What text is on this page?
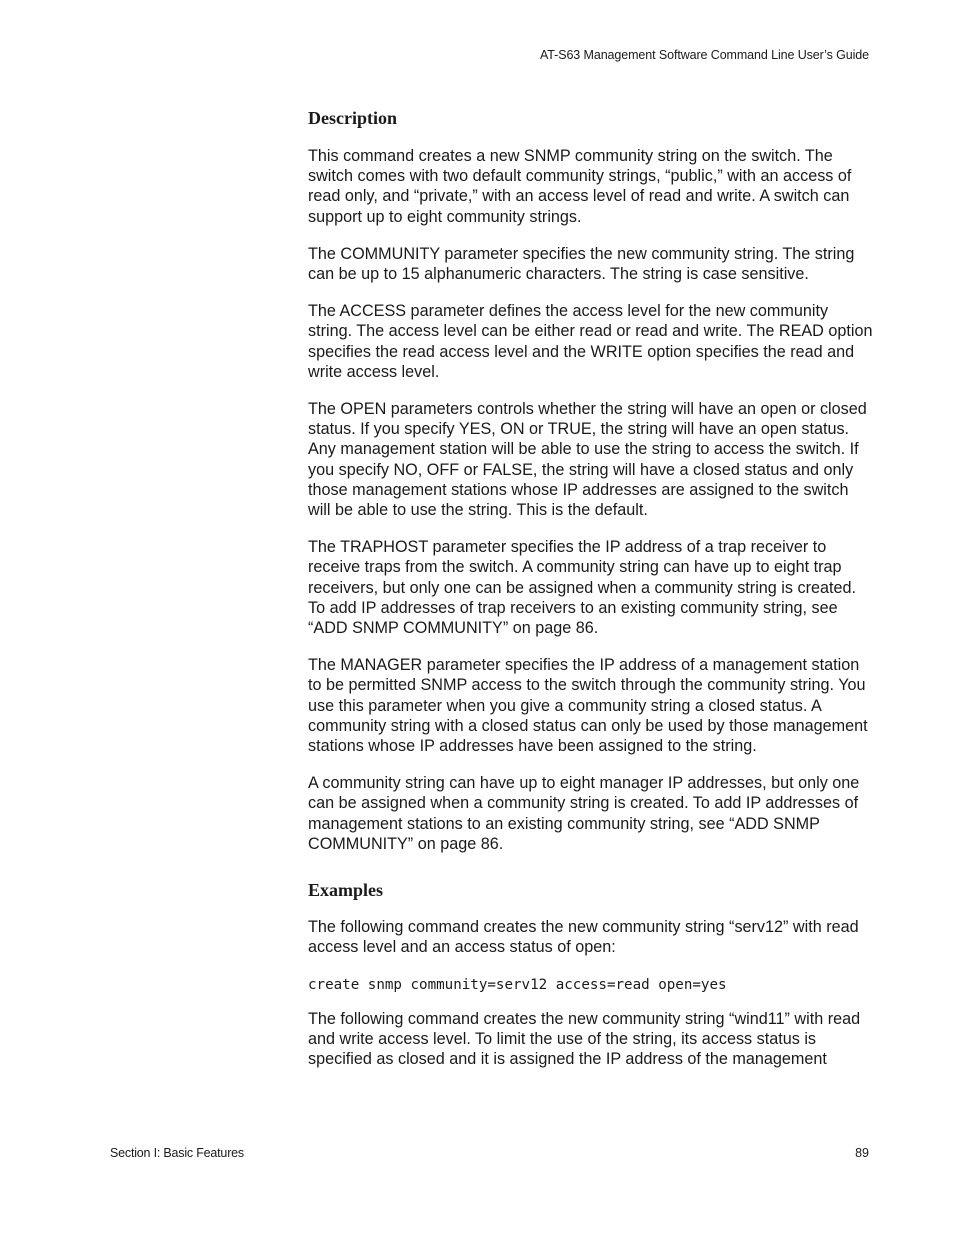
AT-S63 Management Software Command Line User’s Guide
Description

This command creates a new SNMP community string on the switch. The switch comes with two default community strings, “public,” with an access of read only, and “private,” with an access level of read and write. A switch can support up to eight community strings.

The COMMUNITY parameter specifies the new community string. The string can be up to 15 alphanumeric characters. The string is case sensitive.

The ACCESS parameter defines the access level for the new community string. The access level can be either read or read and write. The READ option specifies the read access level and the WRITE option specifies the read and write access level.

The OPEN parameters controls whether the string will have an open or closed status. If you specify YES, ON or TRUE, the string will have an open status. Any management station will be able to use the string to access the switch. If you specify NO, OFF or FALSE, the string will have a closed status and only those management stations whose IP addresses are assigned to the switch will be able to use the string. This is the default.

The TRAPHOST parameter specifies the IP address of a trap receiver to receive traps from the switch. A community string can have up to eight trap receivers, but only one can be assigned when a community string is created. To add IP addresses of trap receivers to an existing community string, see “ADD SNMP COMMUNITY” on page 86.

The MANAGER parameter specifies the IP address of a management station to be permitted SNMP access to the switch through the community string. You use this parameter when you give a community string a closed status. A community string with a closed status can only be used by those management stations whose IP addresses have been assigned to the string.

A community string can have up to eight manager IP addresses, but only one can be assigned when a community string is created. To add IP addresses of management stations to an existing community string, see “ADD SNMP COMMUNITY” on page 86.

Examples

The following command creates the new community string “serv12” with read access level and an access status of open:

create snmp community=serv12 access=read open=yes

The following command creates the new community string “wind11” with read and write access level. To limit the use of the string, its access status is specified as closed and it is assigned the IP address of the management

Section I: Basic Features	89
